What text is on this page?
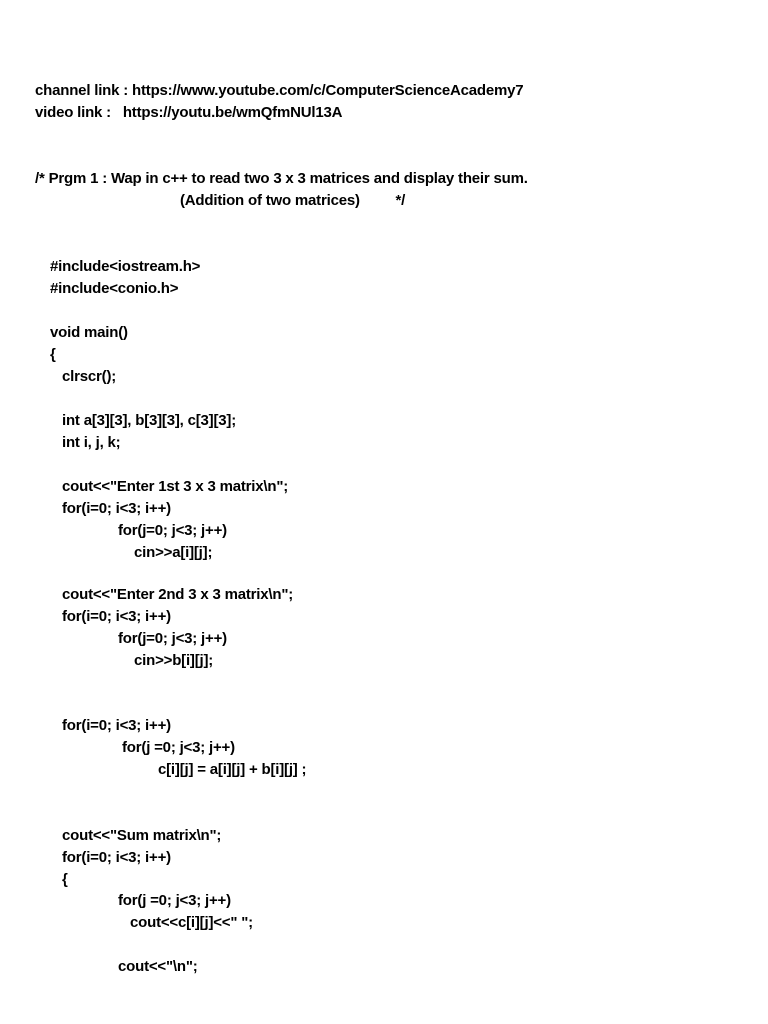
channel link : https://www.youtube.com/c/ComputerScienceAcademy7
video link :   https://youtu.be/wmQfmNUl13A
/* Prgm 1 : Wap in c++ to read two 3 x 3 matrices and display their sum.
(Addition of two matrices)         */
#include<iostream.h>
#include<conio.h>
void main()
{
clrscr();
int a[3][3], b[3][3], c[3][3];
int i, j, k;
cout<<"Enter 1st 3 x 3 matrix\n";
for(i=0; i<3; i++)
for(j=0; j<3; j++)
cin>>a[i][j];
cout<<"Enter 2nd 3 x 3 matrix\n";
for(i=0; i<3; i++)
for(j=0; j<3; j++)
cin>>b[i][j];
for(i=0; i<3; i++)
for(j =0; j<3; j++)
c[i][j] = a[i][j] + b[i][j] ;
cout<<"Sum matrix\n";
for(i=0; i<3; i++)
{
for(j =0; j<3; j++)
cout<<c[i][j]<<" ";
cout<<"\n";
